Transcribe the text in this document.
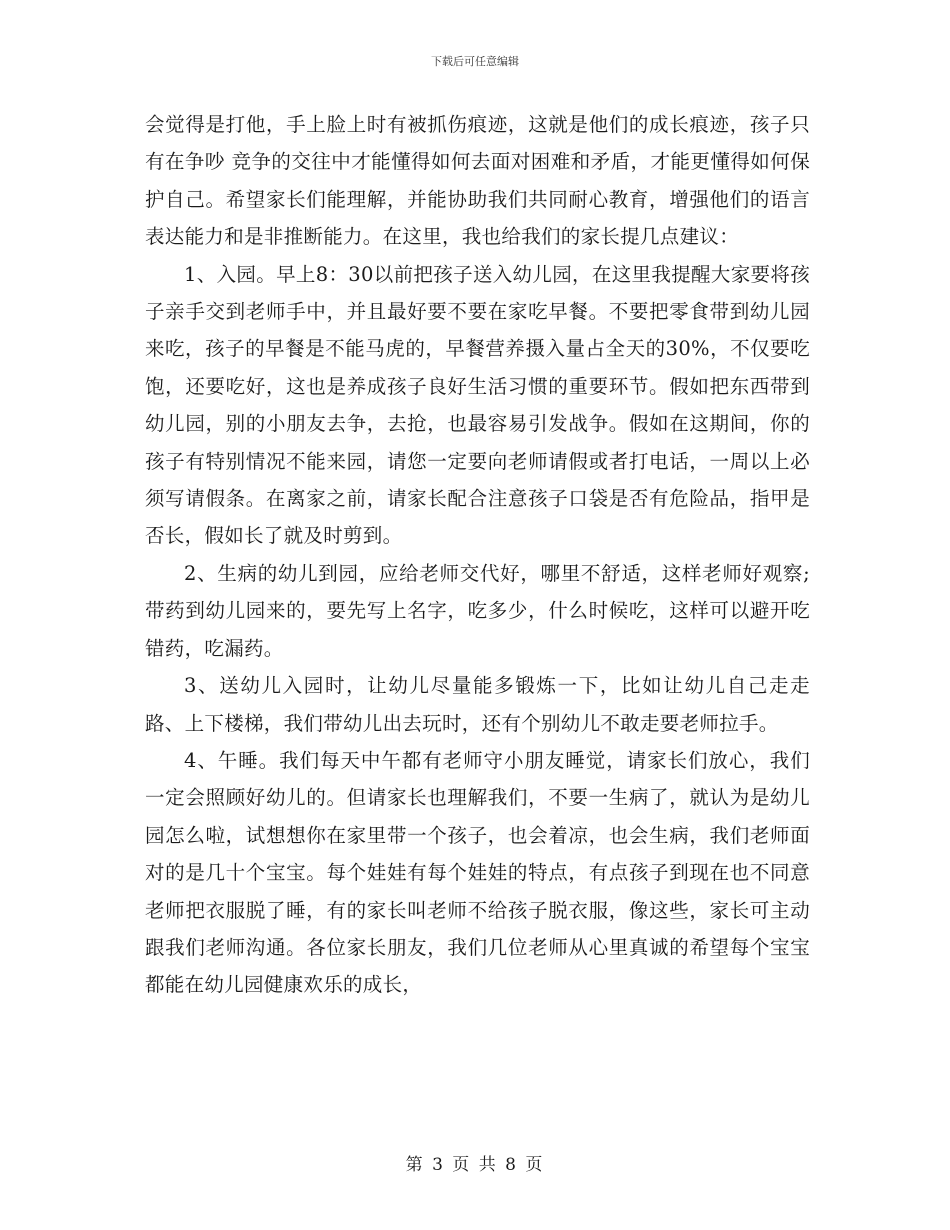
下载后可任意编辑

会觉得是打他，手上脸上时有被抓伤痕迹，这就是他们的成长痕迹，孩子只有在争吵 竞争的交往中才能懂得如何去面对困难和矛盾，才能更懂得如何保护自己。希望家长们能理解，并能协助我们共同耐心教育，增强他们的语言表达能力和是非推断能力。在这里，我也给我们的家长提几点建议：

1、入园。早上8：30以前把孩子送入幼儿园，在这里我提醒大家要将孩子亲手交到老师手中，并且最好要不要在家吃早餐。不要把零食带到幼儿园来吃，孩子的早餐是不能马虎的，早餐营养摄入量占全天的30%，不仅要吃饱，还要吃好，这也是养成孩子良好生活习惯的重要环节。假如把东西带到幼儿园，别的小朋友去争，去抢，也最容易引发战争。假如在这期间，你的孩子有特别情况不能来园，请您一定要向老师请假或者打电话，一周以上必须写请假条。在离家之前，请家长配合注意孩子口袋是否有危险品，指甲是否长，假如长了就及时剪到。

2、生病的幼儿到园，应给老师交代好，哪里不舒适，这样老师好观察;带药到幼儿园来的，要先写上名字，吃多少，什么时候吃，这样可以避开吃错药，吃漏药。

3、送幼儿入园时，让幼儿尽量能多锻炼一下，比如让幼儿自己走走路、上下楼梯，我们带幼儿出去玩时，还有个别幼儿不敢走要老师拉手。

4、午睡。我们每天中午都有老师守小朋友睡觉，请家长们放心，我们一定会照顾好幼儿的。但请家长也理解我们，不要一生病了，就认为是幼儿园怎么啦，试想想你在家里带一个孩子，也会着凉，也会生病，我们老师面对的是几十个宝宝。每个娃娃有每个娃娃的特点，有点孩子到现在也不同意老师把衣服脱了睡，有的家长叫老师不给孩子脱衣服，像这些，家长可主动跟我们老师沟通。各位家长朋友，我们几位老师从心里真诚的希望每个宝宝都能在幼儿园健康欢乐的成长，

第 3 页 共 8 页
